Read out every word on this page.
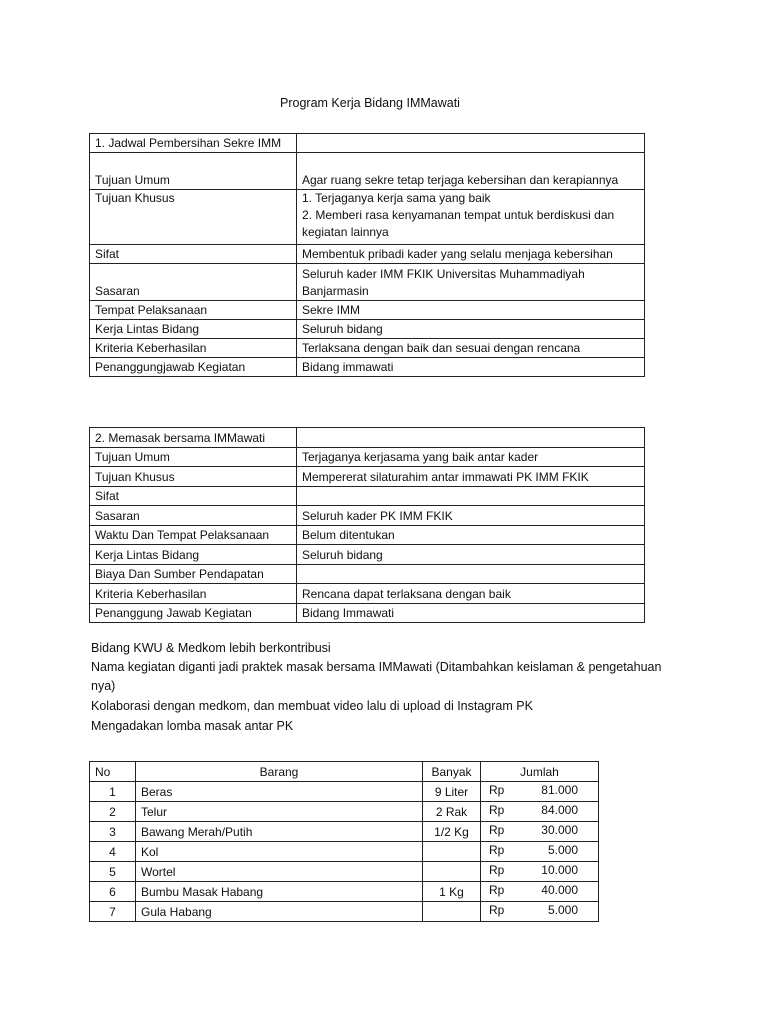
Program Kerja Bidang IMMawati
1. Jadwal Pembersihan Sekre IMM	
Tujuan Umum	Agar ruang sekre tetap terjaga kebersihan dan kerapiannya
Tujuan Khusus	1. Terjaganya kerja sama yang baik
2. Memberi rasa kenyamanan tempat untuk berdiskusi dan kegiatan lainnya
Sifat	Membentuk pribadi kader yang selalu menjaga kebersihan
Sasaran	Seluruh kader IMM FKIK Universitas Muhammadiyah Banjarmasin
Tempat Pelaksanaan	Sekre IMM
Kerja Lintas Bidang	Seluruh bidang
Kriteria Keberhasilan	Terlaksana dengan baik dan sesuai dengan rencana
Penanggungjawab Kegiatan	Bidang immawati
2. Memasak bersama IMMawati	
Tujuan Umum	Terjaganya kerjasama yang baik antar kader
Tujuan Khusus	Mempererat silaturahim antar immawati PK IMM FKIK
Sifat	
Sasaran	Seluruh kader PK IMM FKIK
Waktu Dan Tempat Pelaksanaan	Belum ditentukan
Kerja Lintas Bidang	Seluruh bidang
Biaya Dan Sumber Pendapatan	
Kriteria Keberhasilan	Rencana dapat terlaksana dengan baik
Penanggung Jawab Kegiatan	Bidang Immawati

Bidang KWU & Medkom lebih berkontribusi

Nama kegiatan diganti jadi praktek masak bersama IMMawati (Ditambahkan keislaman & pengetahuan nya)

Kolaborasi dengan medkom, dan membuat video lalu di upload di Instagram PK

Mengadakan lomba masak antar PK

No	Barang	Banyak	Jumlah
1	Beras	9 Liter	Rp 81.000

2	Telur	2 Rak	Rp 84.000

3	Bawang Merah/Putih	1/2 Kg	Rp 30.000

4	Kol		Rp 5.000

5	Wortel		Rp 10.000

6	Bumbu Masak Habang	1 Kg	Rp 40.000

7	Gula Habang		Rp 5.000
